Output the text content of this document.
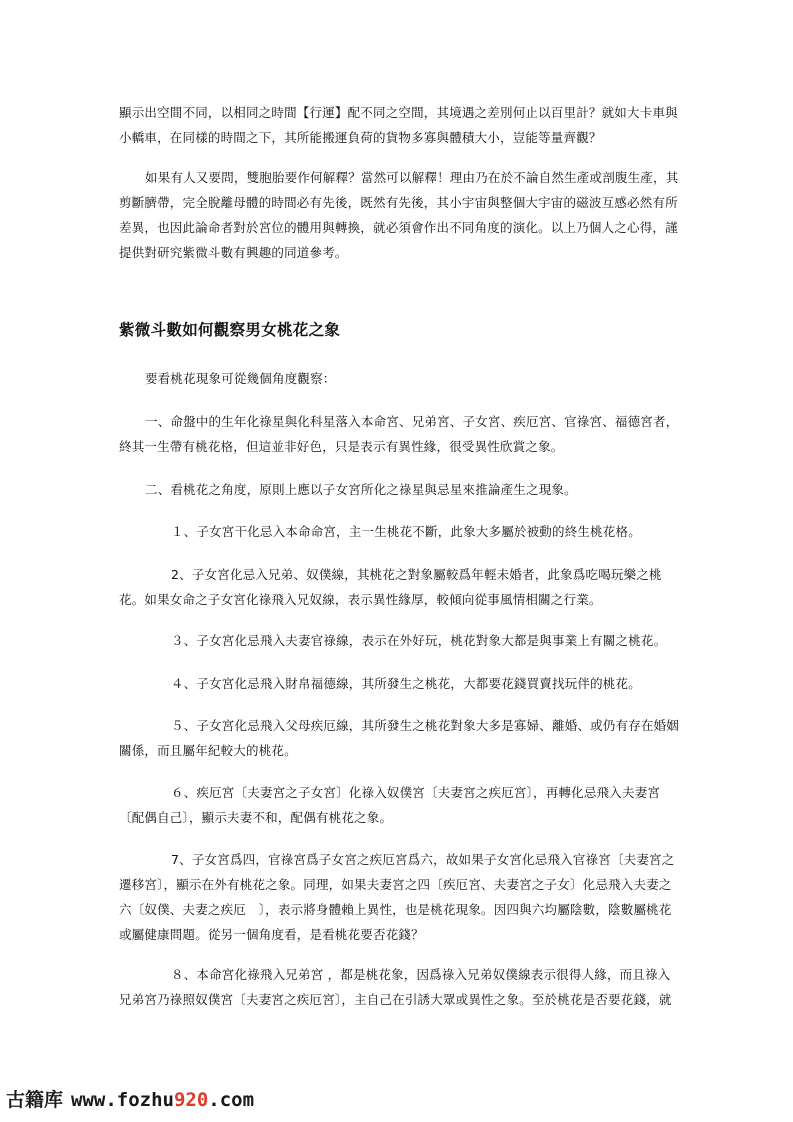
顯示出空間不同，以相同之時間【行運】配不同之空間，其境遇之差別何止以百里計？就如大卡車與小轎車，在同樣的時間之下，其所能搬運負荷的貨物多寡與體積大小，豈能等量齊觀？

如果有人又要問，雙胞胎要作何解釋？當然可以解釋！理由乃在於不論自然生產或剖腹生產，其剪斷臍帶，完全脫離母體的時間必有先後，既然有先後，其小宇宙與整個大宇宙的磁波互感必然有所差異，也因此論命者對於宮位的體用與轉換，就必須會作出不同角度的演化。以上乃個人之心得，謹提供對研究紫微斗數有興趣的同道參考。

紫微斗數如何觀察男女桃花之象

要看桃花現象可從幾個角度觀察：

一、命盤中的生年化祿星與化科星落入本命宮、兄弟宮、子女宮、疾厄宮、官祿宮、福德宮者，終其一生帶有桃花格，但這並非好色，只是表示有異性緣，很受異性欣賞之象。

二、看桃花之角度，原則上應以子女宮所化之祿星與忌星來推論產生之現象。

１、子女宮干化忌入本命命宮，主一生桃花不斷，此象大多屬於被動的終生桃花格。

2、子女宮化忌入兄弟、奴僕線，其桃花之對象屬較爲年輕未婚者，此象爲吃喝玩樂之桃花。如果女命之子女宮化祿飛入兄奴線，表示異性緣厚，較傾向從事風情相關之行業。

３、子女宮化忌飛入夫妻官祿線，表示在外好玩，桃花對象大都是與事業上有關之桃花。

４、子女宮化忌飛入財帛福德線，其所發生之桃花，大都要花錢買賣找玩伴的桃花。

５、子女宮化忌飛入父母疾厄線，其所發生之桃花對象大多是寡婦、離婚、或仍有存在婚姻關係，而且屬年紀較大的桃花。

６、疾厄宮〔夫妻宮之子女宮〕化祿入奴僕宮〔夫妻宮之疾厄宮〕，再轉化忌飛入夫妻宮〔配偶自己〕，顯示夫妻不和，配偶有桃花之象。

7、子女宮爲四，官祿宮爲子女宮之疾厄宮爲六，故如果子女宮化忌飛入官祿宮〔夫妻宮之遷移宮〕，顯示在外有桃花之象。同理，如果夫妻宮之四〔疾厄宮、夫妻宮之子女〕化忌飛入夫妻之六〔奴僕、夫妻之疾厄　〕，表示將身體賴上異性，也是桃花現象。因四與六均屬陰數，陰數屬桃花或屬健康問題。從另一個角度看，是看桃花要否花錢？

８、本命宮化祿飛入兄弟宮 ，都是桃花象，因爲祿入兄弟奴僕線表示很得人緣，而且祿入兄弟宮乃祿照奴僕宮〔夫妻宮之疾厄宮〕，主自己在引誘大眾或異性之象。至於桃花是否要花錢，就

古籍库 www.fozhu920.com
